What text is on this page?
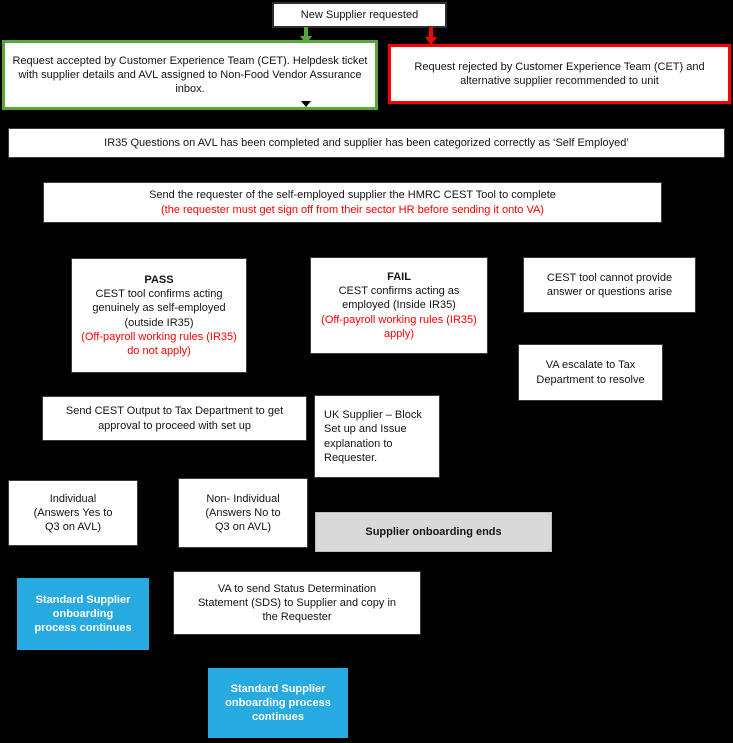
New Supplier requested
Request accepted by Customer Experience Team (CET). Helpdesk ticket with supplier details and AVL assigned to Non-Food Vendor Assurance inbox.
Request rejected by Customer Experience Team (CET) and alternative supplier recommended to unit
IR35 Questions on AVL has been completed and supplier has been categorized correctly as ‘Self Employed’
Send the requester of the self-employed supplier the HMRC CEST Tool to complete
(the requester must get sign off from their sector HR before sending it onto VA)
PASS
CEST tool confirms acting genuinely as self-employed (outside IR35)
(Off-payroll working rules (IR35) do not apply)
FAIL
CEST confirms acting as employed (Inside IR35)
(Off-payroll working rules (IR35) apply)
CEST tool cannot provide answer or questions arise
VA escalate to Tax Department to resolve
Send CEST Output to Tax Department to get approval to proceed with set up
UK Supplier – Block Set up and Issue explanation to Requester.
Individual (Answers Yes to Q3 on AVL)
Non- Individual (Answers No to Q3 on AVL)	Supplier onboarding ends
Standard Supplier onboarding process continues
VA to send Status Determination Statement (SDS) to Supplier and copy in the Requester
Standard Supplier onboarding process continues
